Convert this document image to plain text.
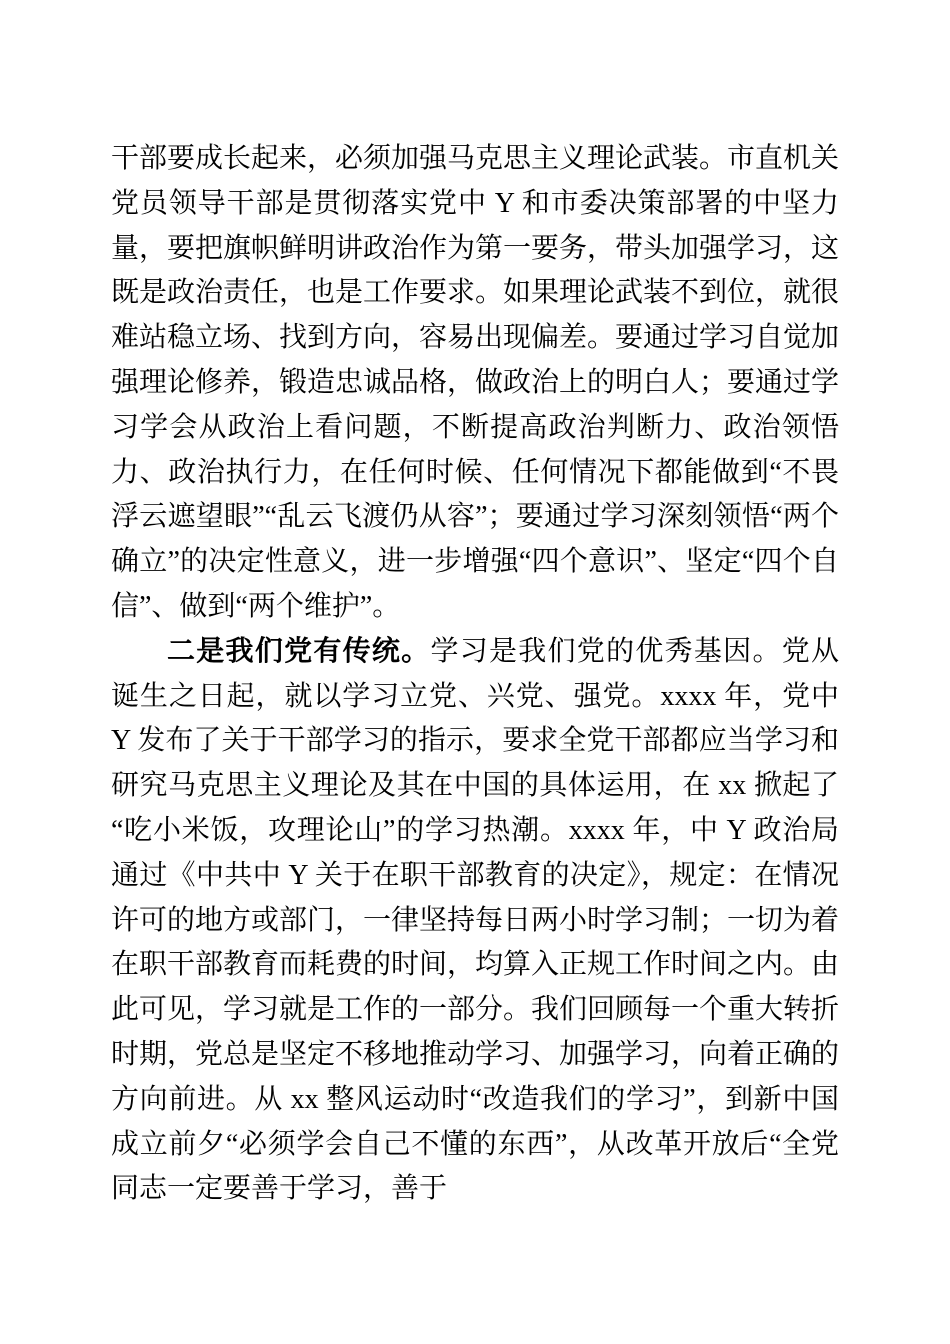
干部要成长起来，必须加强马克思主义理论武装。市直机关党员领导干部是贯彻落实党中 Y 和市委决策部署的中坚力量，要把旗帜鲜明讲政治作为第一要务，带头加强学习，这既是政治责任，也是工作要求。如果理论武装不到位，就很难站稳立场、找到方向，容易出现偏差。要通过学习自觉加强理论修养，锻造忠诚品格，做政治上的明白人；要通过学习学会从政治上看问题，不断提高政治判断力、政治领悟力、政治执行力，在任何时候、任何情况下都能做到“不畏浮云遮望眼”“乱云飞渡仍从容”；要通过学习深刻领悟“两个确立”的决定性意义，进一步增强“四个意识”、坚定“四个自信”、做到“两个维护”。

二是我们党有传统。学习是我们党的优秀基因。党从诞生之日起，就以学习立党、兴党、强党。xxxx 年，党中 Y 发布了关于干部学习的指示，要求全党干部都应当学习和研究马克思主义理论及其在中国的具体运用，在 xx 掀起了“吃小米饭，攻理论山”的学习热潮。xxxx 年，中 Y 政治局通过《中共中 Y 关于在职干部教育的决定》，规定：在情况许可的地方或部门，一律坚持每日两小时学习制；一切为着在职干部教育而耗费的时间，均算入正规工作时间之内。由此可见，学习就是工作的一部分。我们回顾每一个重大转折时期，党总是坚定不移地推动学习、加强学习，向着正确的方向前进。从 xx 整风运动时“改造我们的学习”，到新中国成立前夕“必须学会自己不懂的东西”，从改革开放后“全党同志一定要善于学习，善于
